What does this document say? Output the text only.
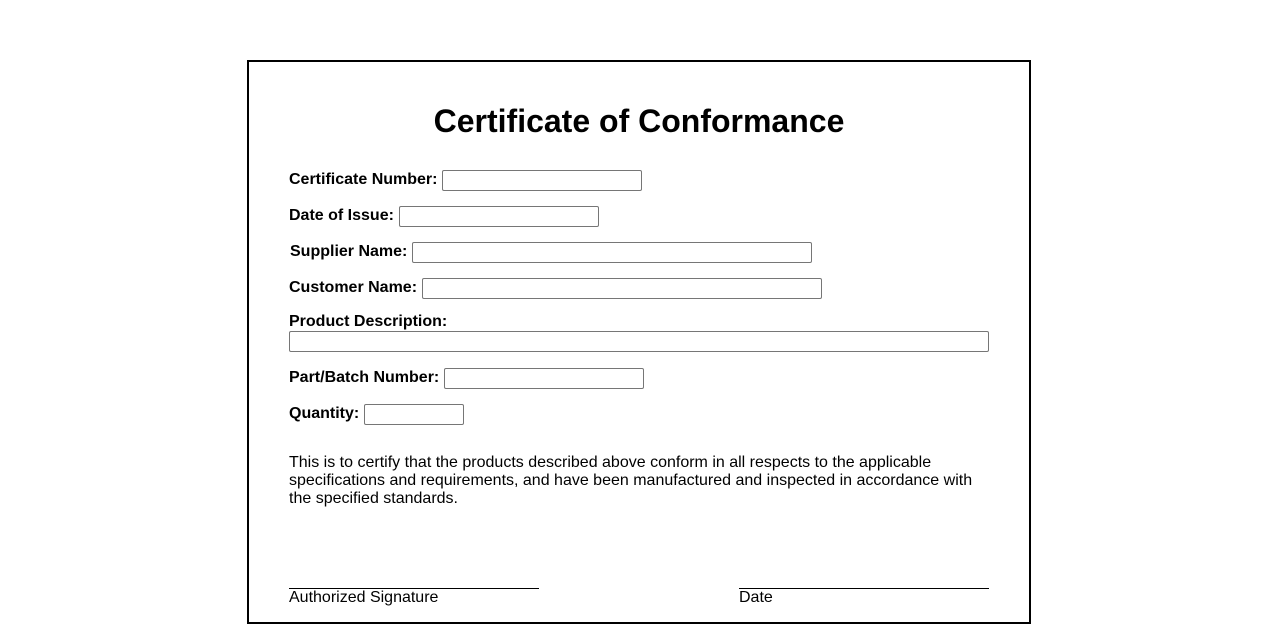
Certificate of Conformance
Certificate Number:
Date of Issue:
Supplier Name:
Customer Name:
Product Description:
Part/Batch Number:
Quantity:

This is to certify that the products described above conform in all respects to the applicable specifications and requirements, and have been manufactured and inspected in accordance with the specified standards.

Authorized Signature	Date
